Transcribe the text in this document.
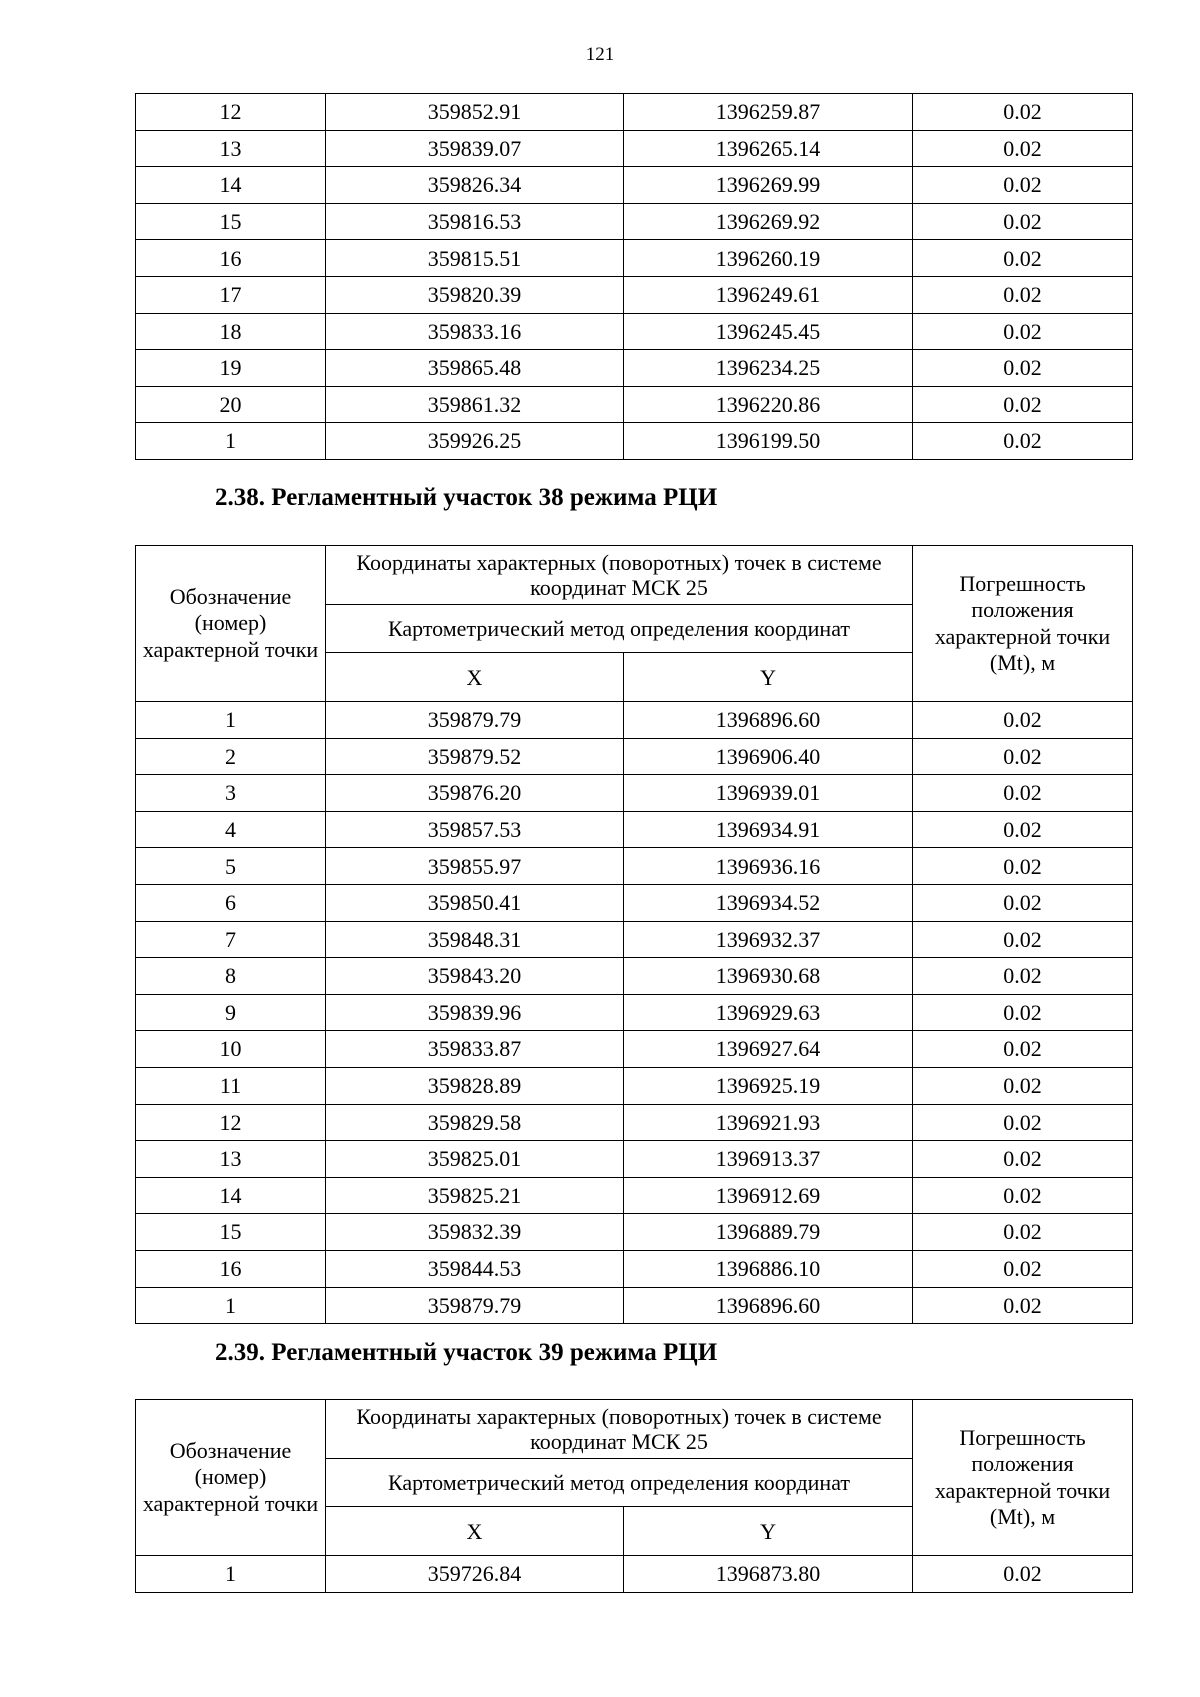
121
12	359852.91	1396259.87	0.02
13	359839.07	1396265.14	0.02
14	359826.34	1396269.99	0.02
15	359816.53	1396269.92	0.02
16	359815.51	1396260.19	0.02
17	359820.39	1396249.61	0.02
18	359833.16	1396245.45	0.02
19	359865.48	1396234.25	0.02
20	359861.32	1396220.86	0.02
1	359926.25	1396199.50	0.02
2.38. Регламентный участок 38 режима РЦИ
Обозначение (номер) характерной точки	Координаты характерных (поворотных) точек в системе координат МСК 25		Погрешность положения характерной точки (Mt), м
	Картометрический метод определения координат		
	X	Y	
1	359879.79	1396896.60	0.02
2	359879.52	1396906.40	0.02
3	359876.20	1396939.01	0.02
4	359857.53	1396934.91	0.02
5	359855.97	1396936.16	0.02
6	359850.41	1396934.52	0.02
7	359848.31	1396932.37	0.02
8	359843.20	1396930.68	0.02
9	359839.96	1396929.63	0.02
10	359833.87	1396927.64	0.02
11	359828.89	1396925.19	0.02
12	359829.58	1396921.93	0.02
13	359825.01	1396913.37	0.02
14	359825.21	1396912.69	0.02
15	359832.39	1396889.79	0.02
16	359844.53	1396886.10	0.02
1	359879.79	1396896.60	0.02
2.39. Регламентный участок 39 режима РЦИ
Обозначение (номер) характерной точки	Координаты характерных (поворотных) точек в системе координат МСК 25		Погрешность положения характерной точки (Mt), м
	Картометрический метод определения координат		
	X	Y	
1	359726.84	1396873.80	0.02
